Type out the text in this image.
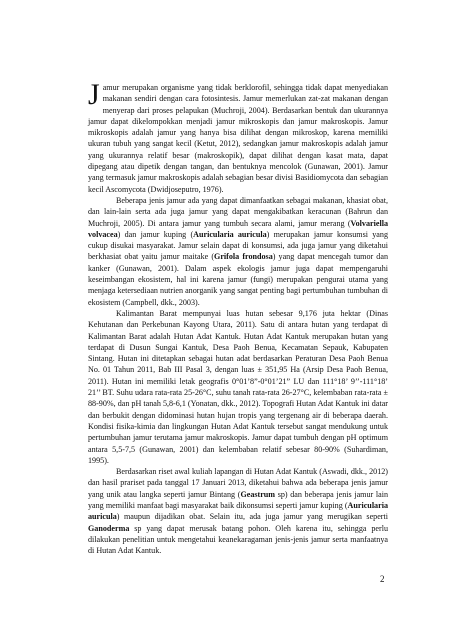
Jamur merupakan organisme yang tidak berklorofil, sehingga tidak dapat menyediakan makanan sendiri dengan cara fotosintesis. Jamur memerlukan zat-zat makanan dengan menyerap dari proses pelapukan (Muchroji, 2004). Berdasarkan bentuk dan ukurannya jamur dapat dikelompokkan menjadi jamur mikroskopis dan jamur makroskopis. Jamur mikroskopis adalah jamur yang hanya bisa dilihat dengan mikroskop, karena memiliki ukuran tubuh yang sangat kecil (Ketut, 2012), sedangkan jamur makroskopis adalah jamur yang ukurannya relatif besar (makroskopik), dapat dilihat dengan kasat mata, dapat dipegang atau dipetik dengan tangan, dan bentuknya mencolok (Gunawan, 2001). Jamur yang termasuk jamur makroskopis adalah sebagian besar divisi Basidiomycota dan sebagian kecil Ascomycota (Dwidjoseputro, 1976).

Beberapa jenis jamur ada yang dapat dimanfaatkan sebagai makanan, khasiat obat, dan lain-lain serta ada juga jamur yang dapat mengakibatkan keracunan (Bahrun dan Muchroji, 2005). Di antara jamur yang tumbuh secara alami, jamur merang (Volvariella volvacea) dan jamur kuping (Auricularia auricula) merupakan jamur konsumsi yang cukup disukai masyarakat. Jamur selain dapat di konsumsi, ada juga jamur yang diketahui berkhasiat obat yaitu jamur maitake (Grifola frondosa) yang dapat mencegah tumor dan kanker (Gunawan, 2001). Dalam aspek ekologis jamur juga dapat mempengaruhi keseimbangan ekosistem, hal ini karena jamur (fungi) merupakan pengurai utama yang menjaga ketersediaan nutrien anorganik yang sangat penting bagi pertumbuhan tumbuhan di ekosistem (Campbell, dkk., 2003).

Kalimantan Barat mempunyai luas hutan sebesar 9,176 juta hektar (Dinas Kehutanan dan Perkebunan Kayong Utara, 2011). Satu di antara hutan yang terdapat di Kalimantan Barat adalah Hutan Adat Kantuk. Hutan Adat Kantuk merupakan hutan yang terdapat di Dusun Sungai Kantuk, Desa Paoh Benua, Kecamatan Sepauk, Kabupaten Sintang. Hutan ini ditetapkan sebagai hutan adat berdasarkan Peraturan Desa Paoh Benua No. 01 Tahun 2011, Bab III Pasal 3, dengan luas ± 351,95 Ha (Arsip Desa Paoh Benua, 2011). Hutan ini memiliki letak geografis 0°01’8”-0°01’21” LU dan 111°18’ 9’’-111°18’ 21’’ BT. Suhu udara rata-rata 25-26°C, suhu tanah rata-rata 26-27°C, kelembaban rata-rata ± 88-90%, dan pH tanah 5,8-6,1 (Yonatan, dkk., 2012). Topografi Hutan Adat Kantuk ini datar dan berbukit dengan didominasi hutan hujan tropis yang tergenang air di beberapa daerah. Kondisi fisika-kimia dan lingkungan Hutan Adat Kantuk tersebut sangat mendukung untuk pertumbuhan jamur terutama jamur makroskopis. Jamur dapat tumbuh dengan pH optimum antara 5,5-7,5 (Gunawan, 2001) dan kelembaban relatif sebesar 80-90% (Suhardiman, 1995).

Berdasarkan riset awal kuliah lapangan di Hutan Adat Kantuk (Aswadi, dkk., 2012) dan hasil prariset pada tanggal 17 Januari 2013, diketahui bahwa ada beberapa jenis jamur yang unik atau langka seperti jamur Bintang (Geastrum sp) dan beberapa jenis jamur lain yang memiliki manfaat bagi masyarakat baik dikonsumsi seperti jamur kuping (Auricularia auricula) maupun dijadikan obat. Selain itu, ada juga jamur yang merugikan seperti Ganoderma sp yang dapat merusak batang pohon. Oleh karena itu, sehingga perlu dilakukan penelitian untuk mengetahui keanekaragaman jenis-jenis jamur serta manfaatnya di Hutan Adat Kantuk.

2
